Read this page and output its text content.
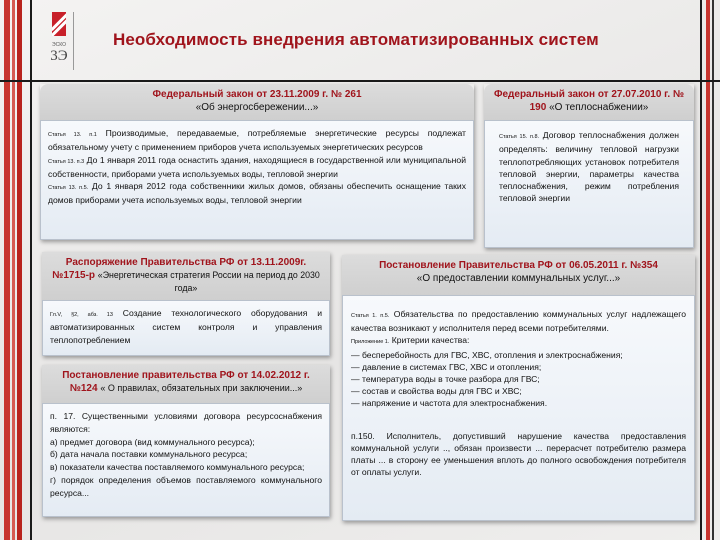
ЭСКО
3Э
Необходимость внедрения автоматизированных систем
Федеральный закон от 23.11.2009 г. № 261
«Об энергосбережении...»

Статья 13. п.1 Производимые, передаваемые, потребляемые энергетические ресурсы подлежат обязательному учету с применением приборов учета используемых энергетических ресурсов

Статья 13. п.3 До 1 января 2011 года оснастить здания, находящиеся в государственной или муниципальной собственности, приборами учета используемых воды, тепловой энергии

Статья 13. п.5. До 1 января 2012 года собственники жилых домов, обязаны обеспечить оснащение таких домов приборами учета используемых воды, тепловой энергии

Федеральный закон от 27.07.2010 г. № 190 «О теплоснабжении»

Статья 15. п.8. Договор теплоснабжения должен определять: величину тепловой нагрузки теплопотребляющих установок потребителя тепловой энергии, параметры качества теплоснабжения, режим потребления тепловой энергии

Распоряжение Правительства РФ от 13.11.2009г. №1715-р «Энергетическая стратегия России на период до 2030 года»

Гл.V, §2, абз. 13 Создание технологического оборудования и автоматизированных систем контроля и управления теплопотреблением

Постановление правительства РФ от 14.02.2012 г. №124 « О правилах, обязательных при заключении...»

п. 17. Существенными условиями договора ресурсоснабжения являются:

а) предмет договора (вид коммунального ресурса);

б) дата начала поставки коммунального ресурса;

в) показатели качества поставляемого коммунального ресурса;

г) порядок определения объемов поставляемого коммунального ресурса...

Постановление Правительства РФ от 06.05.2011 г. №354
«О предоставлении коммунальных услуг...»

Статья 1. п.5. Обязательства по предоставлению коммунальных услуг надлежащего качества возникают у исполнителя перед всеми потребителями.

Приложение 1. Критерии качества:

— бесперебойность для ГВС, ХВС, отопления и электроснабжения;

— давление в системах ГВС, ХВС и отопления;

— температура воды в точке разбора для ГВС;

— состав и свойства воды для ГВС и ХВС;

— напряжение и частота для электроснабжения.

п.150. Исполнитель, допустивший нарушение качества предоставления коммунальной услуги .., обязан произвести ... перерасчет потребителю размера платы ... в сторону ее уменьшения вплоть до полного освобождения потребителя от оплаты услуги.
